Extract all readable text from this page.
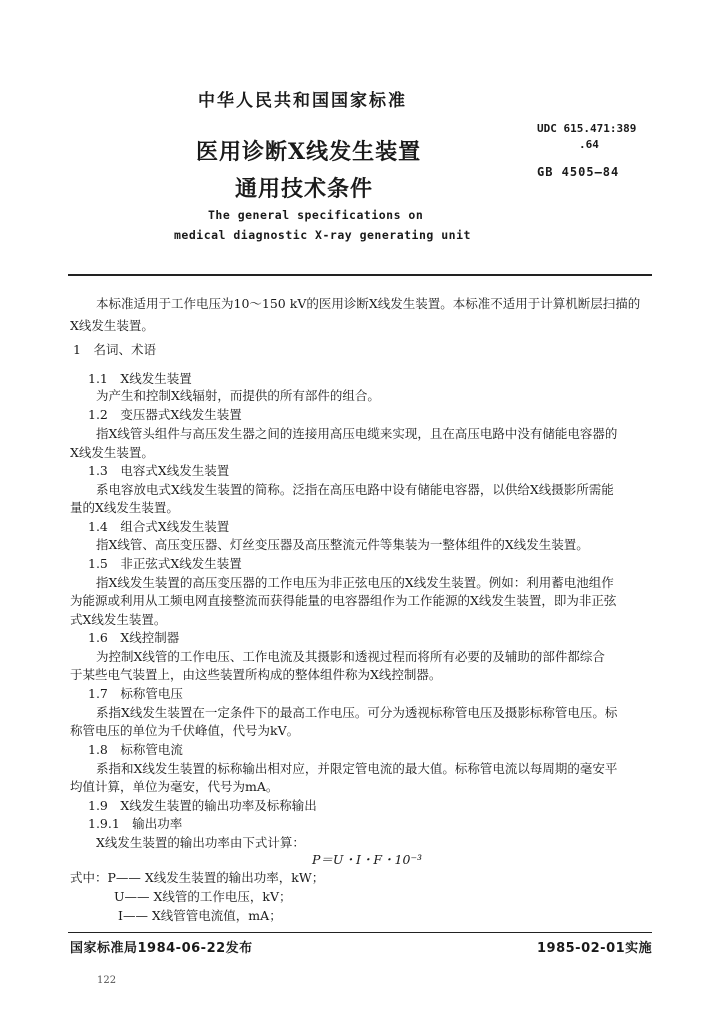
中华人民共和国国家标准
医用诊断X线发生装置
通用技术条件
UDC 615.471:389
.64
GB 4505—84
The general specifications on
medical diagnostic X-ray generating unit
本标准适用于工作电压为10～150 kV的医用诊断X线发生装置。本标准不适用于计算机断层扫描的
X线发生装置。
1　名词、术语
1.1　X线发生装置
为产生和控制X线辐射，而提供的所有部件的组合。
1.2　变压器式X线发生装置
指X线管头组件与高压发生器之间的连接用高压电缆来实现，且在高压电路中没有储能电容器的
X线发生装置。
1.3　电容式X线发生装置
系电容放电式X线发生装置的简称。泛指在高压电路中设有储能电容器，以供给X线摄影所需能
量的X线发生装置。
1.4　组合式X线发生装置
指X线管、高压变压器、灯丝变压器及高压整流元件等集装为一整体组件的X线发生装置。
1.5　非正弦式X线发生装置
指X线发生装置的高压变压器的工作电压为非正弦电压的X线发生装置。例如：利用蓄电池组作
为能源或利用从工频电网直接整流而获得能量的电容器组作为工作能源的X线发生装置，即为非正弦
式X线发生装置。
1.6　X线控制器
为控制X线管的工作电压、工作电流及其摄影和透视过程而将所有必要的及辅助的部件都综合
于某些电气装置上，由这些装置所构成的整体组件称为X线控制器。
1.7　标称管电压
系指X线发生装置在一定条件下的最高工作电压。可分为透视标称管电压及摄影标称管电压。标
称管电压的单位为千伏峰值，代号为kV。
1.8　标称管电流
系指和X线发生装置的标称输出相对应，并限定管电流的最大值。标称管电流以每周期的毫安平
均值计算，单位为毫安，代号为mA。
1.9　X线发生装置的输出功率及标称输出
1.9.1　输出功率
X线发生装置的输出功率由下式计算：
式中：P—— X线发生装置的输出功率，kW；
U—— X线管的工作电压，kV；
I—— X线管管电流值，mA；
P＝U・I・F・10⁻³
国家标准局1984-06-22发布	1985-02-01实施
122
